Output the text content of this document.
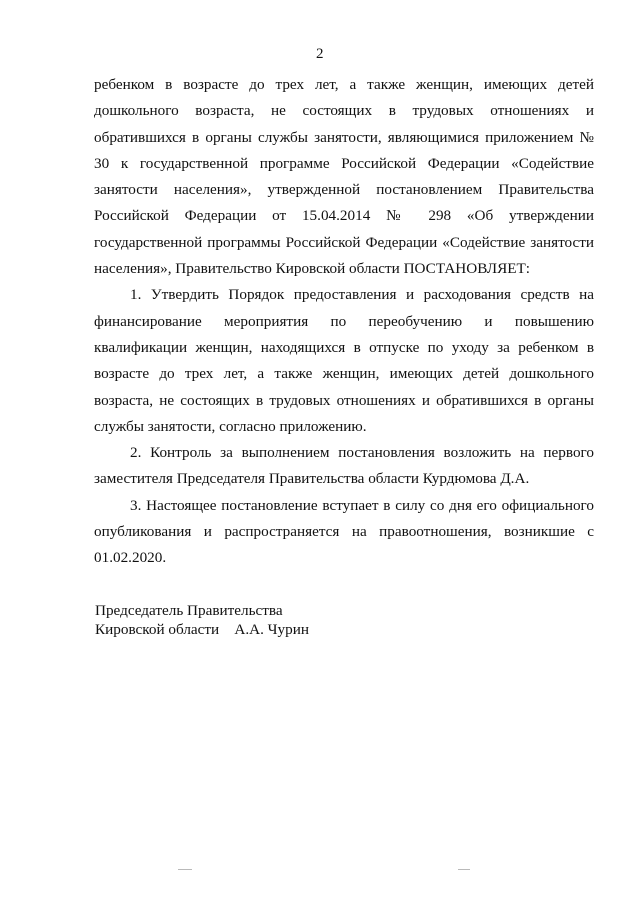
2

ребенком в возрасте до трех лет, а также женщин, имеющих детей дошкольного возраста, не состоящих в трудовых отношениях и обратившихся в органы службы занятости, являющимися приложением № 30 к государственной программе Российской Федерации «Содействие занятости населения», утвержденной постановлением Правительства Российской Федерации от 15.04.2014 № 298 «Об утверждении государственной программы Российской Федерации «Содействие занятости населения», Правительство Кировской области ПОСТАНОВЛЯЕТ:

1. Утвердить Порядок предоставления и расходования средств на финансирование мероприятия по переобучению и повышению квалификации женщин, находящихся в отпуске по уходу за ребенком в возрасте до трех лет, а также женщин, имеющих детей дошкольного возраста, не состоящих в трудовых отношениях и обратившихся в органы службы занятости, согласно приложению.

2. Контроль за выполнением постановления возложить на первого заместителя Председателя Правительства области Курдюмова Д.А.

3. Настоящее постановление вступает в силу со дня его официального опубликования и распространяется на правоотношения, возникшие с 01.02.2020.

Председатель Правительства
Кировской области    А.А. Чурин
